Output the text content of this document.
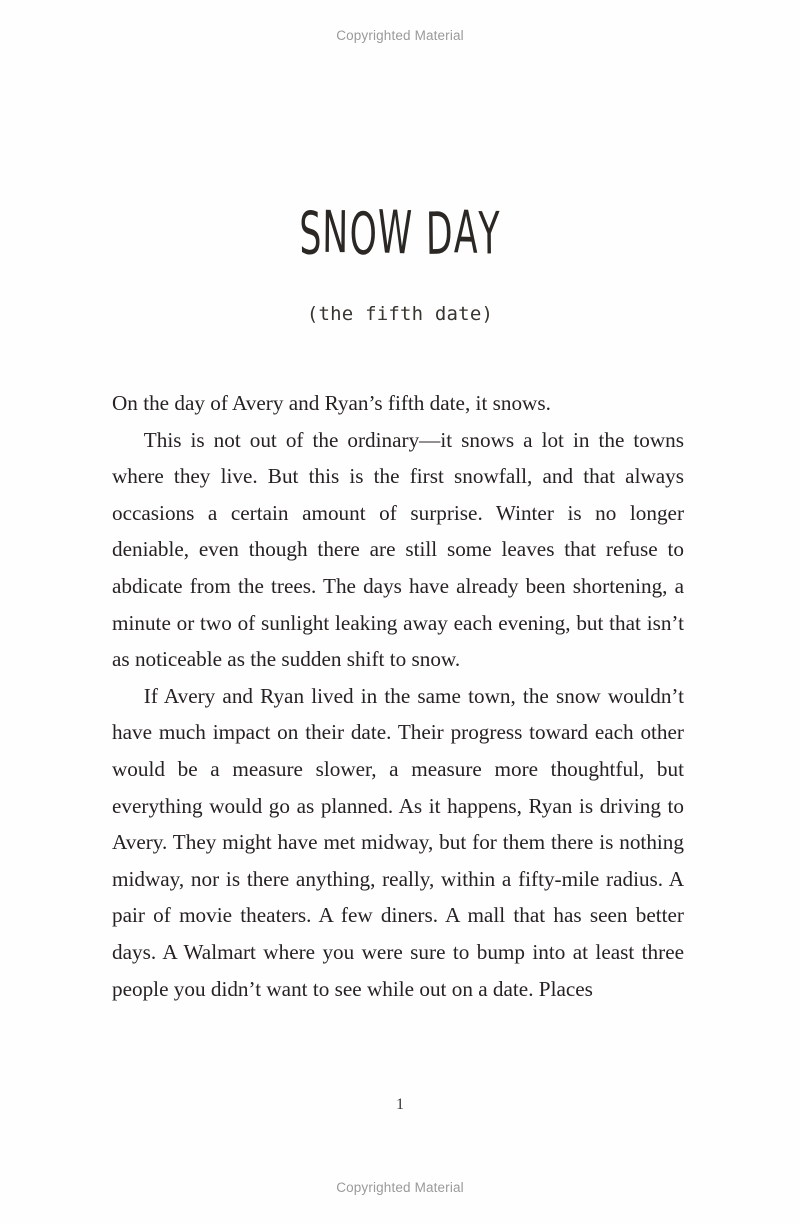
Copyrighted Material
SNOW DAY
(the fifth date)

On the day of Avery and Ryan’s fifth date, it snows.

This is not out of the ordinary—it snows a lot in the towns where they live. But this is the first snowfall, and that always occasions a certain amount of surprise. Winter is no longer deniable, even though there are still some leaves that refuse to abdicate from the trees. The days have already been shortening, a minute or two of sunlight leaking away each evening, but that isn’t as noticeable as the sudden shift to snow.

If Avery and Ryan lived in the same town, the snow wouldn’t have much impact on their date. Their progress toward each other would be a measure slower, a measure more thoughtful, but everything would go as planned. As it happens, Ryan is driving to Avery. They might have met midway, but for them there is nothing midway, nor is there anything, really, within a fifty-mile radius. A pair of movie theaters. A few diners. A mall that has seen better days. A Walmart where you were sure to bump into at least three people you didn’t want to see while out on a date. Places

1
Copyrighted Material
